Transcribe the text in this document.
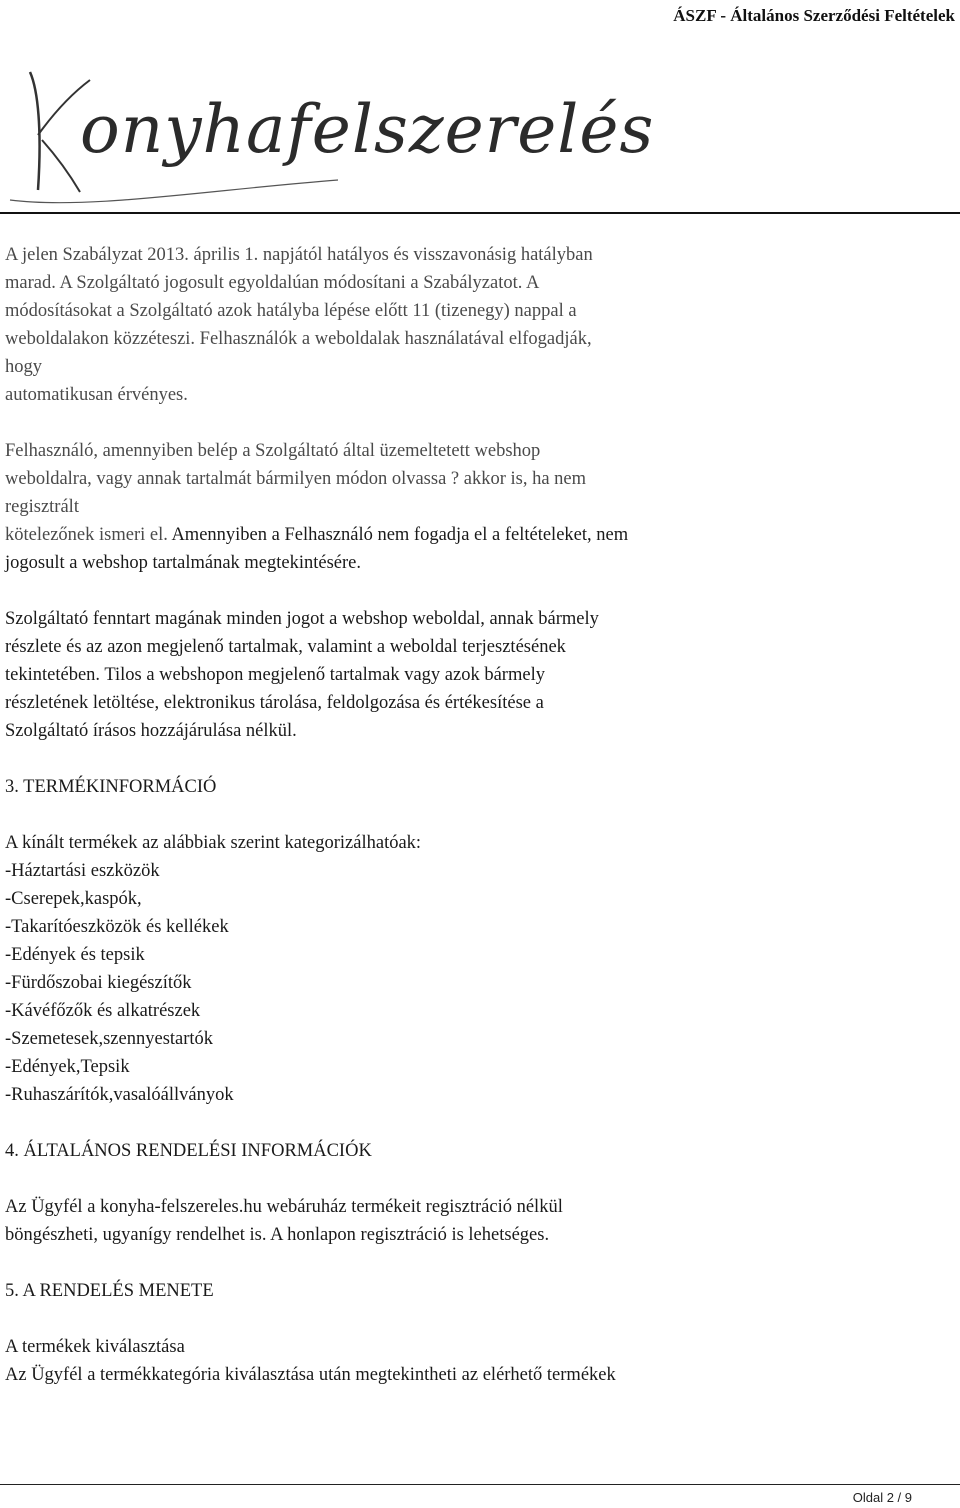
ÁSZF - Általános Szerződési Feltételek
onyhafelszerelés
A jelen Szabályzat 2013. április 1. napjától hatályos és visszavonásig hatályban
marad. A Szolgáltató jogosult egyoldalúan módosítani a Szabályzatot. A
módosításokat a Szolgáltató azok hatályba lépése előtt 11 (tizenegy) nappal a
weboldalakon közzéteszi. Felhasználók a weboldalak használatával elfogadják,
hogy
automatikusan érvényes.
Felhasználó, amennyiben belép a Szolgáltató által üzemeltetett webshop
weboldalra, vagy annak tartalmát bármilyen módon olvassa ? akkor is, ha nem
regisztrált
kötelezőnek ismeri el. Amennyiben a Felhasználó nem fogadja el a feltételeket, nem
jogosult a webshop tartalmának megtekintésére.
Szolgáltató fenntart magának minden jogot a webshop weboldal, annak bármely
részlete és az azon megjelenő tartalmak, valamint a weboldal terjesztésének
tekintetében. Tilos a webshopon megjelenő tartalmak vagy azok bármely
részletének letöltése, elektronikus tárolása, feldolgozása és értékesítése a
Szolgáltató írásos hozzájárulása nélkül.
3. TERMÉKINFORMÁCIÓ
A kínált termékek az alábbiak szerint kategorizálhatóak:
-Háztartási eszközök
-Cserepek,kaspók,
-Takarítóeszközök és kellékek
-Edények és tepsik
-Fürdőszobai kiegészítők
-Kávéfőzők és alkatrészek
-Szemetesek,szennyestartók
-Edények,Tepsik
-Ruhaszárítók,vasalóállványok
4. ÁLTALÁNOS RENDELÉSI INFORMÁCIÓK
Az Ügyfél a konyha-felszereles.hu webáruház termékeit regisztráció nélkül
böngészheti, ugyanígy rendelhet is. A honlapon regisztráció is lehetséges.
5. A RENDELÉS MENETE
A termékek kiválasztása
Az Ügyfél a termékkategória kiválasztása után megtekintheti az elérhető termékek
Oldal 2 / 9
